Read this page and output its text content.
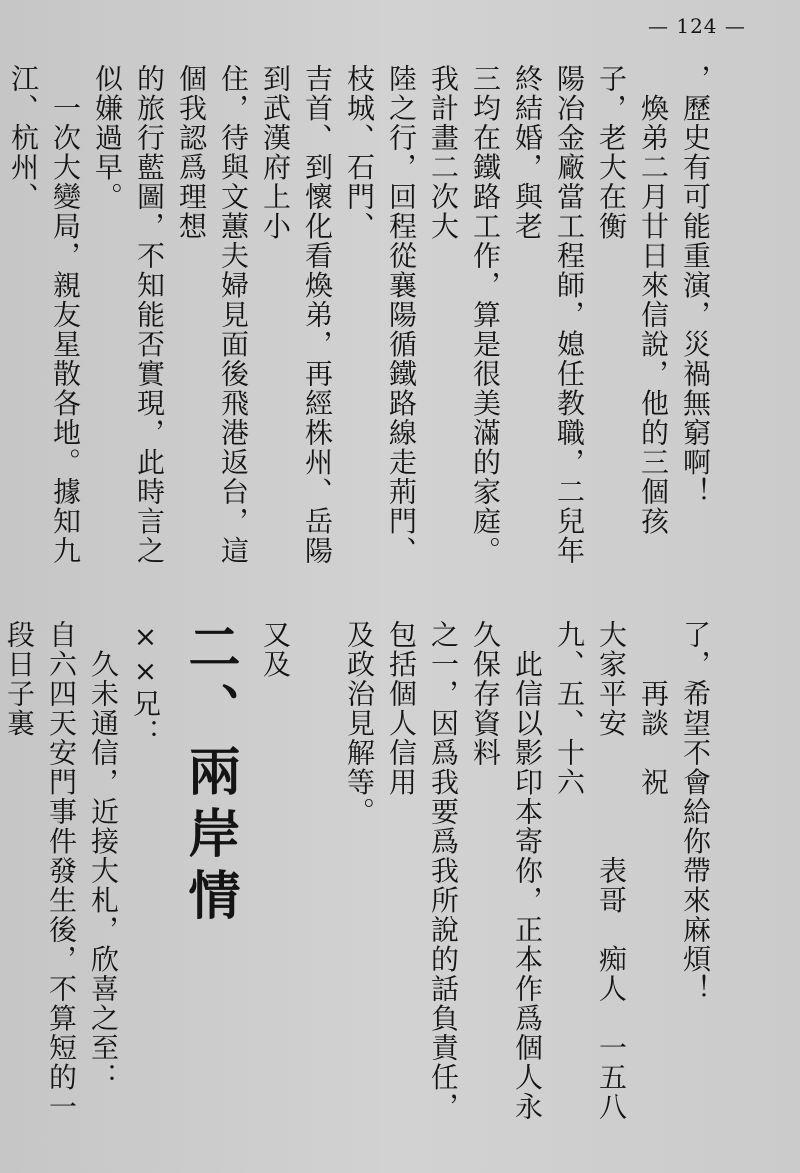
— 124 —

，歷史有可能重演，災禍無窮啊！

　煥弟二月廿日來信說，他的三個孩子，老大在衡

陽冶金廠當工程師，媳任教職，二兒年終結婚，與老

三均在鐵路工作，算是很美滿的家庭。我計畫二次大

陸之行，回程從襄陽循鐵路線走荊門、枝城、石門、

吉首、到懷化看煥弟，再經株州、岳陽到武漢府上小

住，待與文蕙夫婦見面後飛港返台，這個我認爲理想

的旅行藍圖，不知能否實現，此時言之似嫌過早。

　一次大變局，親友星散各地。據知九江、杭州、

了，希望不會給你帶來麻煩！

　　再談　祝

大家平安　　　　表哥　痴人　一五八九、五、十六

　此信以影印本寄你，正本作爲個人永久保存資料

之一，因爲我要爲我所說的話負責任，包括個人信用

及政治見解等。

　　　　　　　　　　　　　　　　　　又及

二、兩岸情

××兄：

　久未通信，近接大札，欣喜之至：

自六四天安門事件發生後，不算短的一段日子裏
